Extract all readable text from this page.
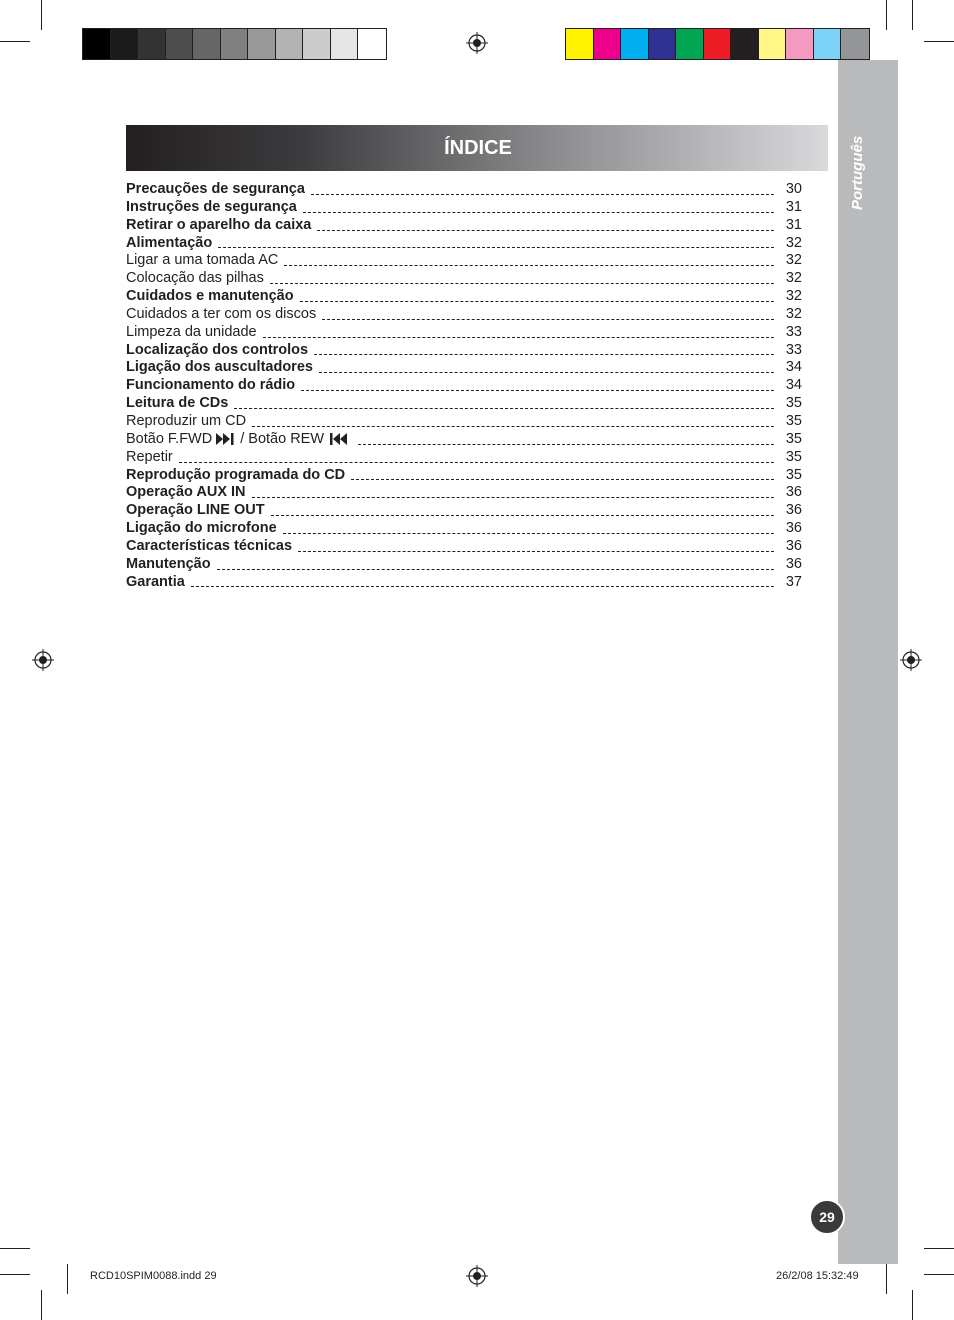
Português
29
ÍNDICE
Precauções de segurança	30
Instruções de segurança	31
Retirar o aparelho da caixa	31
Alimentação	32
Ligar a uma tomada AC	32
Colocação das pilhas	32
Cuidados e manutenção	32
Cuidados a ter com os discos	32
Limpeza da unidade	33
Localização dos controlos	33
Ligação dos auscultadores	34
Funcionamento do rádio	34
Leitura de CDs	35
Reproduzir um CD	35
Botão F.FWD / Botão REW	35
Repetir	35
Reprodução programada do CD	35
Operação AUX IN	36
Operação LINE OUT	36
Ligação do microfone	36
Características técnicas	36
Manutenção	36
Garantia	37
RCD10SPIM0088.indd 29	26/2/08 15:32:49
